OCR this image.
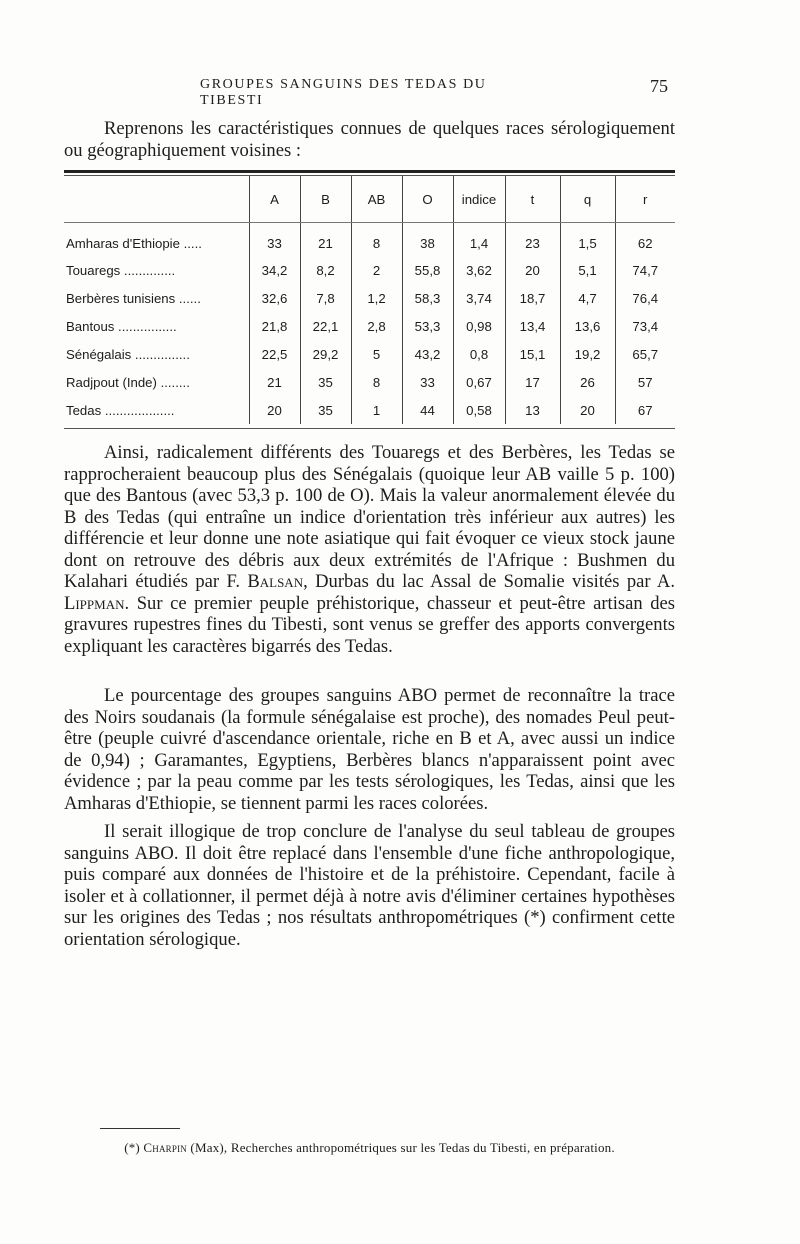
GROUPES SANGUINS DES TEDAS DU TIBESTI
75

Reprenons les caractéristiques connues de quelques races sérologiquement ou géographiquement voisines :

	A	B	AB	O	indice	t	q	r
Amharas d'Ethiopie .....	33	21	8	38	1,4	23	1,5	62
Touaregs ..............	34,2	8,2	2	55,8	3,62	20	5,1	74,7
Berbères tunisiens ......	32,6	7,8	1,2	58,3	3,74	18,7	4,7	76,4
Bantous ................	21,8	22,1	2,8	53,3	0,98	13,4	13,6	73,4
Sénégalais ...............	22,5	29,2	5	43,2	0,8	15,1	19,2	65,7
Radjpout (Inde) ........	21	35	8	33	0,67	17	26	57
Tedas ...................	20	35	1	44	0,58	13	20	67

Ainsi, radicalement différents des Touaregs et des Berbères, les Tedas se rapprocheraient beaucoup plus des Sénégalais (quoique leur AB vaille 5 p. 100) que des Bantous (avec 53,3 p. 100 de O). Mais la valeur anormalement élevée du B des Tedas (qui entraîne un indice d'orientation très inférieur aux autres) les différencie et leur donne une note asiatique qui fait évoquer ce vieux stock jaune dont on retrouve des débris aux deux extrémités de l'Afrique : Bushmen du Kalahari étudiés par F. Balsan, Durbas du lac Assal de Somalie visités par A. Lippman. Sur ce premier peuple préhistorique, chasseur et peut-être artisan des gravures rupestres fines du Tibesti, sont venus se greffer des apports convergents expliquant les caractères bigarrés des Tedas.

Le pourcentage des groupes sanguins ABO permet de reconnaître la trace des Noirs soudanais (la formule sénégalaise est proche), des nomades Peul peut-être (peuple cuivré d'ascendance orientale, riche en B et A, avec aussi un indice de 0,94) ; Garamantes, Egyptiens, Berbères blancs n'apparaissent point avec évidence ; par la peau comme par les tests sérologiques, les Tedas, ainsi que les Amharas d'Ethiopie, se tiennent parmi les races colorées.

Il serait illogique de trop conclure de l'analyse du seul tableau de groupes sanguins ABO. Il doit être replacé dans l'ensemble d'une fiche anthropologique, puis comparé aux données de l'histoire et de la préhistoire. Cependant, facile à isoler et à collationner, il permet déjà à notre avis d'éliminer certaines hypothèses sur les origines des Tedas ; nos résultats anthropométriques (*) confirment cette orientation sérologique.

(*) Charpin (Max), Recherches anthropométriques sur les Tedas du Tibesti, en préparation.
